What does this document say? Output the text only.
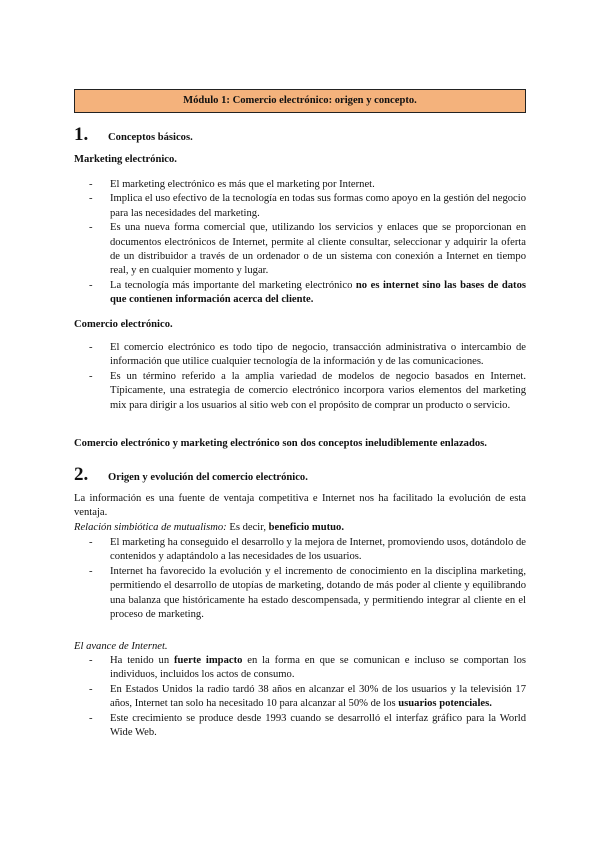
Módulo 1: Comercio electrónico: origen y concepto.
1.	Conceptos básicos.
Marketing electrónico.
- El marketing electrónico es más que el marketing por Internet.
- Implica el uso efectivo de la tecnología en todas sus formas como apoyo en la gestión del negocio para las necesidades del marketing.
- Es una nueva forma comercial que, utilizando los servicios y enlaces que se proporcionan en documentos electrónicos de Internet, permite al cliente consultar, seleccionar y adquirir la oferta de un distribuidor a través de un ordenador o de un sistema con conexión a Internet en tiempo real, y en cualquier momento y lugar.
- La tecnología más importante del marketing electrónico no es internet sino las bases de datos que contienen información acerca del cliente.
Comercio electrónico.
- El comercio electrónico es todo tipo de negocio, transacción administrativa o intercambio de información que utilice cualquier tecnología de la información y de las comunicaciones.
- Es un término referido a la amplia variedad de modelos de negocio basados en Internet. Típicamente, una estrategia de comercio electrónico incorpora varios elementos del marketing mix para dirigir a los usuarios al sitio web con el propósito de comprar un producto o servicio.
Comercio electrónico y marketing electrónico son dos conceptos ineludiblemente enlazados.
2.	Origen y evolución del comercio electrónico.
La información es una fuente de ventaja competitiva e Internet nos ha facilitado la evolución de esta ventaja.
Relación simbiótica de mutualismo: Es decir, beneficio mutuo.
- El marketing ha conseguido el desarrollo y la mejora de Internet, promoviendo usos, dotándolo de contenidos y adaptándolo a las necesidades de los usuarios.
- Internet ha favorecido la evolución y el incremento de conocimiento en la disciplina marketing, permitiendo el desarrollo de utopías de marketing, dotando de más poder al cliente y equilibrando una balanza que históricamente ha estado descompensada, y permitiendo integrar al cliente en el proceso de marketing.
El avance de Internet.
- Ha tenido un fuerte impacto en la forma en que se comunican e incluso se comportan los individuos, incluidos los actos de consumo.
- En Estados Unidos la radio tardó 38 años en alcanzar el 30% de los usuarios y la televisión 17 años, Internet tan solo ha necesitado 10 para alcanzar al 50% de los usuarios potenciales.
- Este crecimiento se produce desde 1993 cuando se desarrolló el interfaz gráfico para la World Wide Web.
